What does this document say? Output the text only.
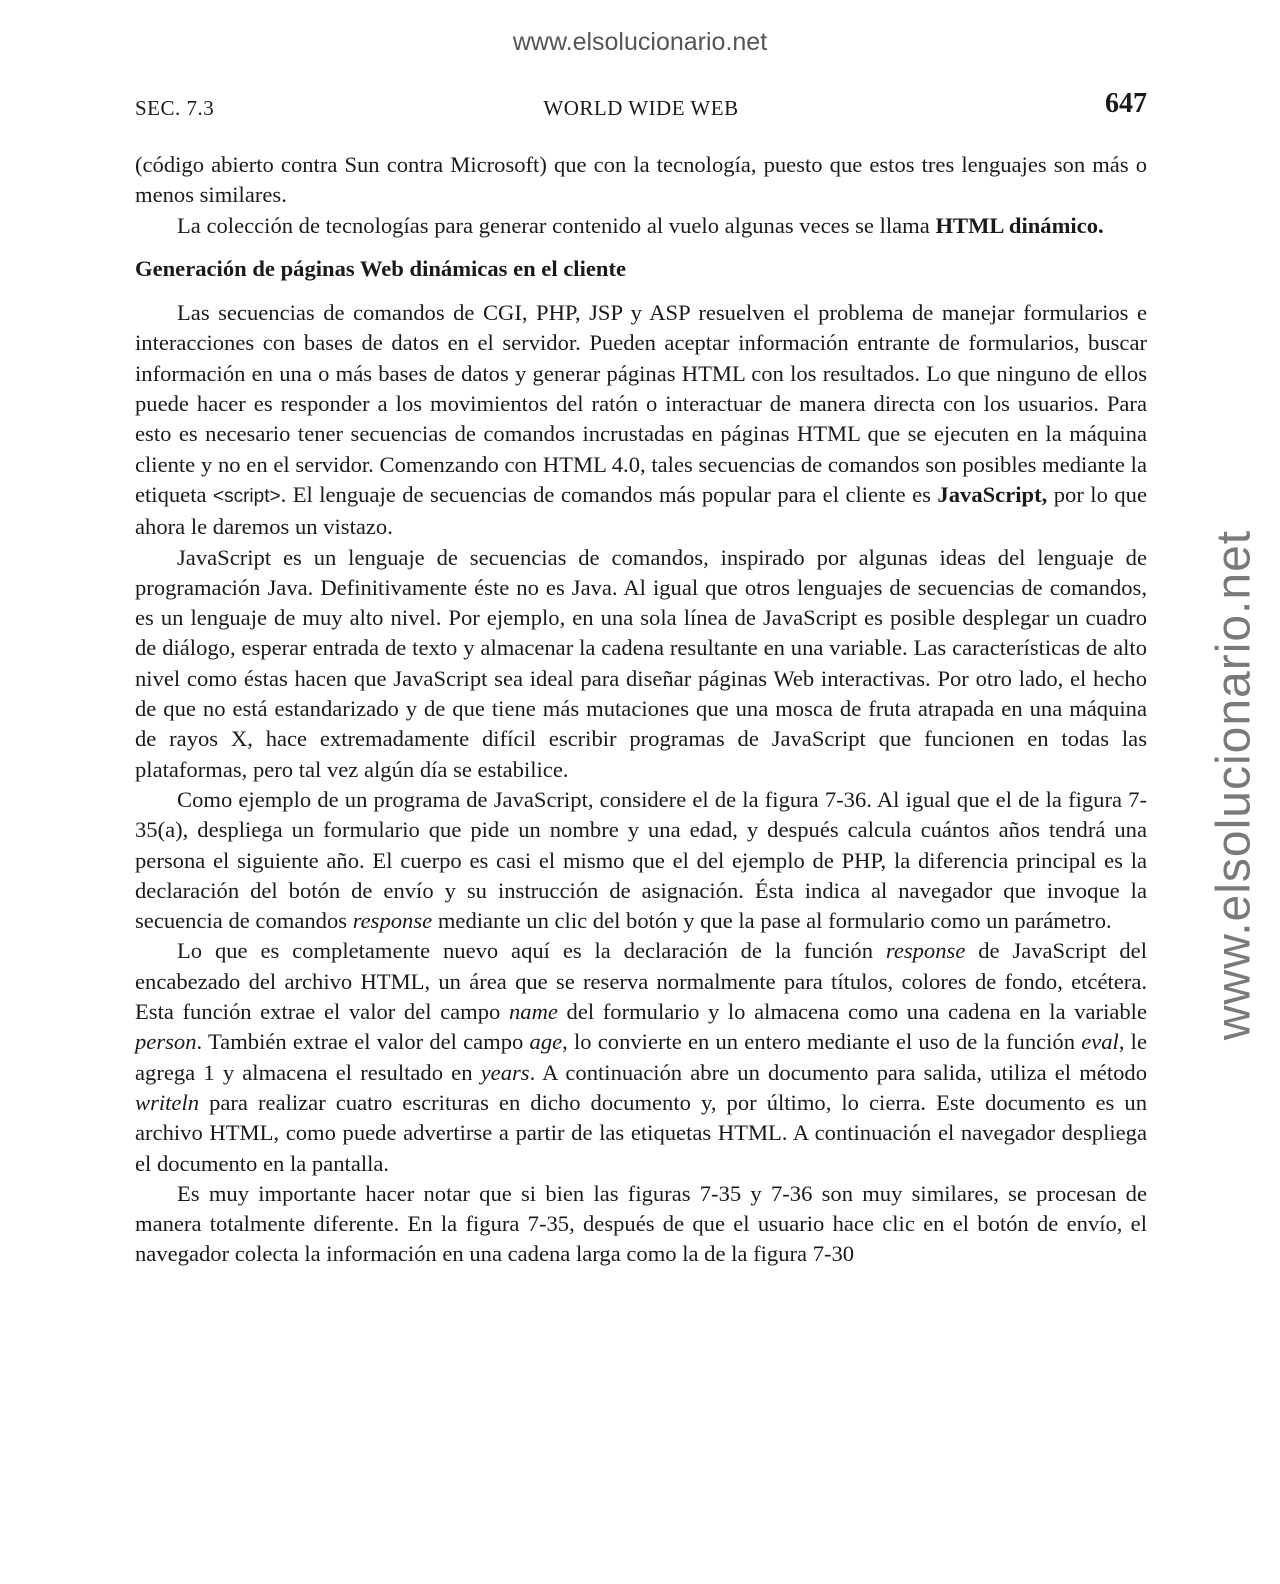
www.elsolucionario.net
www.elsolucionario.net
SEC. 7.3	WORLD WIDE WEB	647

(código abierto contra Sun contra Microsoft) que con la tecnología, puesto que estos tres lenguajes son más o menos similares.

La colección de tecnologías para generar contenido al vuelo algunas veces se llama HTML dinámico.

Generación de páginas Web dinámicas en el cliente

Las secuencias de comandos de CGI, PHP, JSP y ASP resuelven el problema de manejar formularios e interacciones con bases de datos en el servidor. Pueden aceptar información entrante de formularios, buscar información en una o más bases de datos y generar páginas HTML con los resultados. Lo que ninguno de ellos puede hacer es responder a los movimientos del ratón o interactuar de manera directa con los usuarios. Para esto es necesario tener secuencias de comandos incrustadas en páginas HTML que se ejecuten en la máquina cliente y no en el servidor. Comenzando con HTML 4.0, tales secuencias de comandos son posibles mediante la etiqueta <script>. El lenguaje de secuencias de comandos más popular para el cliente es JavaScript, por lo que ahora le daremos un vistazo.

JavaScript es un lenguaje de secuencias de comandos, inspirado por algunas ideas del lenguaje de programación Java. Definitivamente éste no es Java. Al igual que otros lenguajes de secuencias de comandos, es un lenguaje de muy alto nivel. Por ejemplo, en una sola línea de JavaScript es posible desplegar un cuadro de diálogo, esperar entrada de texto y almacenar la cadena resultante en una variable. Las características de alto nivel como éstas hacen que JavaScript sea ideal para diseñar páginas Web interactivas. Por otro lado, el hecho de que no está estandarizado y de que tiene más mutaciones que una mosca de fruta atrapada en una máquina de rayos X, hace extremadamente difícil escribir programas de JavaScript que funcionen en todas las plataformas, pero tal vez algún día se estabilice.

Como ejemplo de un programa de JavaScript, considere el de la figura 7-36. Al igual que el de la figura 7-35(a), despliega un formulario que pide un nombre y una edad, y después calcula cuántos años tendrá una persona el siguiente año. El cuerpo es casi el mismo que el del ejemplo de PHP, la diferencia principal es la declaración del botón de envío y su instrucción de asignación. Ésta indica al navegador que invoque la secuencia de comandos response mediante un clic del botón y que la pase al formulario como un parámetro.

Lo que es completamente nuevo aquí es la declaración de la función response de JavaScript del encabezado del archivo HTML, un área que se reserva normalmente para títulos, colores de fondo, etcétera. Esta función extrae el valor del campo name del formulario y lo almacena como una cadena en la variable person. También extrae el valor del campo age, lo convierte en un entero mediante el uso de la función eval, le agrega 1 y almacena el resultado en years. A continuación abre un documento para salida, utiliza el método writeln para realizar cuatro escrituras en dicho documento y, por último, lo cierra. Este documento es un archivo HTML, como puede advertirse a partir de las etiquetas HTML. A continuación el navegador despliega el documento en la pantalla.

Es muy importante hacer notar que si bien las figuras 7-35 y 7-36 son muy similares, se procesan de manera totalmente diferente. En la figura 7-35, después de que el usuario hace clic en el botón de envío, el navegador colecta la información en una cadena larga como la de la figura 7-30
